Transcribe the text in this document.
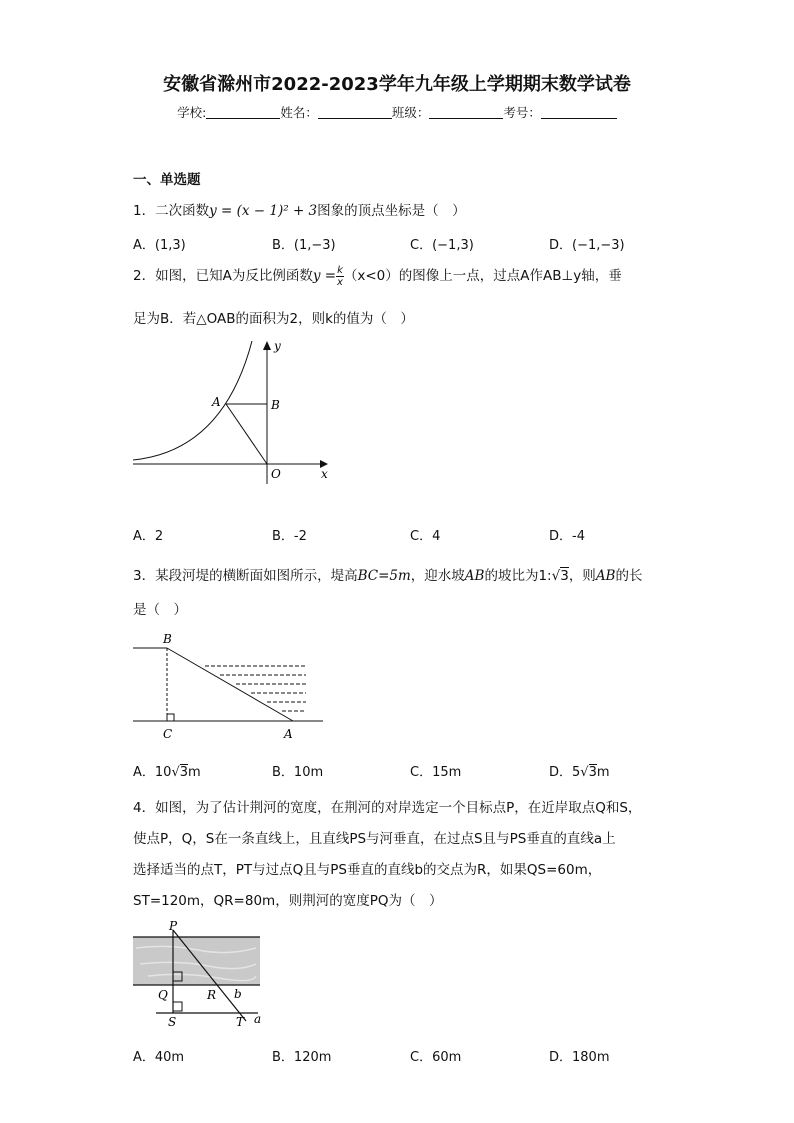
安徽省滁州市2022-2023学年九年级上学期期末数学试卷
学校:	姓名：	班级：	考号：
一、单选题
1．二次函数y = (x − 1)² + 3图象的顶点坐标是（　）
A．(1,3)	B．(1,−3)	C．(−1,3)	D．(−1,−3)
2．如图，已知A为反比例函数$y = \frac{k}{x} (x<0)$的图像上一点，过点A作AB⊥y轴，垂
足为B．若△OAB的面积为2，则k的值为（　）
y
x
A	B
O
A．2	B．-2	C．4	D．-4
3．某段河堤的横断面如图所示，堤高BC=5m，迎水坡AB的坡比为1:√3，则AB的长
是（　）
B
C	A
A．10√3m	B．10m	C．15m	D．5√3m
4．如图，为了估计荆河的宽度，在荆河的对岸选定一个目标点P，在近岸取点Q和S，
使点P，Q，S在一条直线上，且直线PS与河垂直，在过点S且与PS垂直的直线a上
选择适当的点T，PT与过点Q且与PS垂直的直线b的交点为R，如果QS=60m，
ST=120m，QR=80m，则荆河的宽度PQ为（　）
P
Q	R b
S	T a
A．40m	B．120m	C．60m	D．180m
